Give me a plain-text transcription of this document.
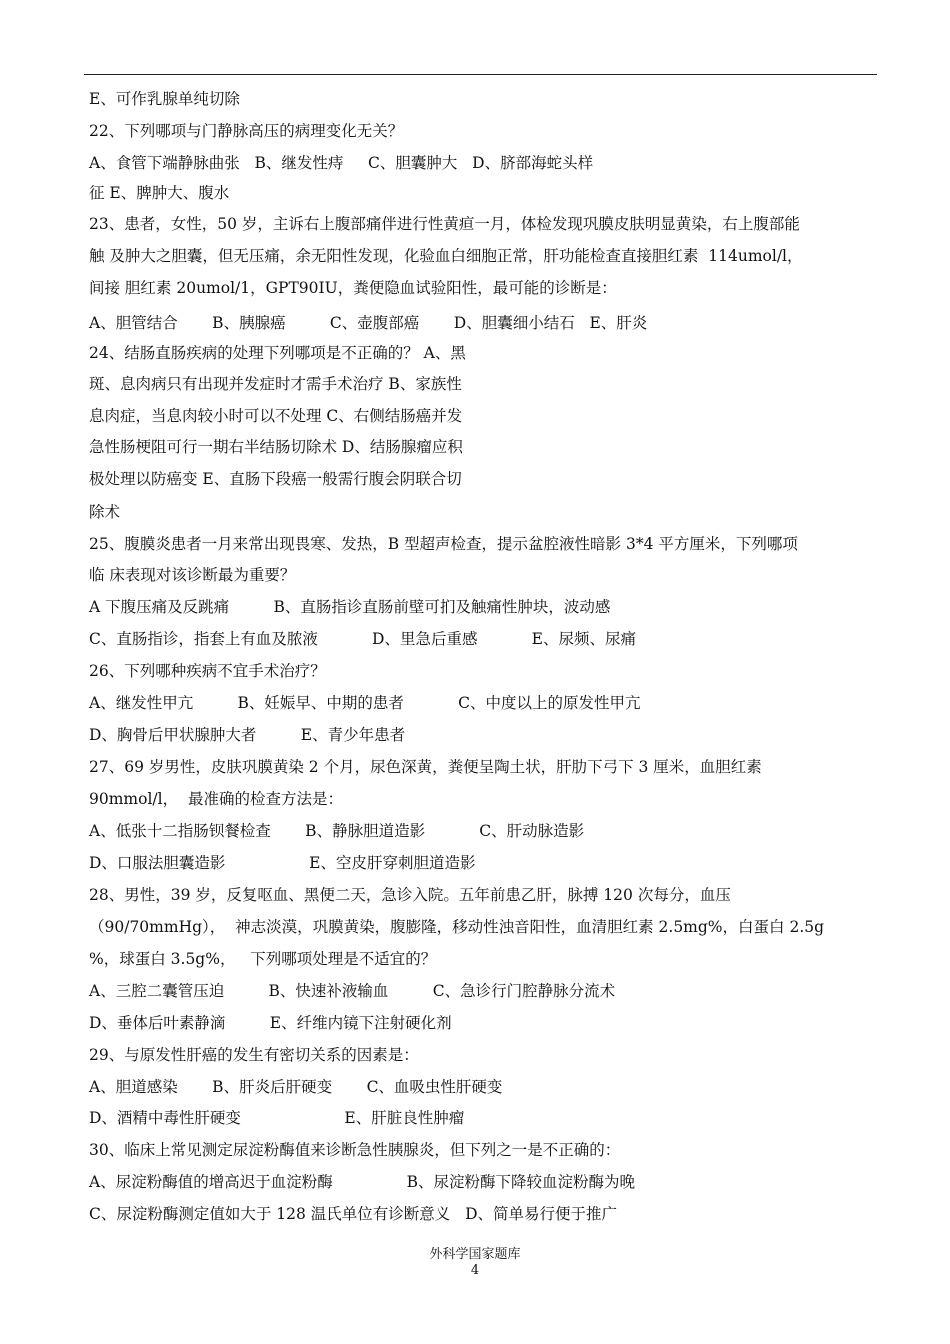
E、可作乳腺单纯切除
22、下列哪项与门静脉高压的病理变化无关？
A、食管下端静脉曲张   B、继发性痔     C、胆囊肿大   D、脐部海蛇头样
征 E、脾肿大、腹水
23、患者，女性，50 岁，主诉右上腹部痛伴进行性黄疸一月，体检发现巩膜皮肤明显黄染，右上腹部能
触 及肿大之胆囊，但无压痛，余无阳性发现，化验血白细胞正常，肝功能检查直接胆红素  114umol/l，
间接 胆红素 20umol/1，GPT90IU，粪便隐血试验阳性，最可能的诊断是：
A、胆管结合       B、胰腺癌         C、壶腹部癌       D、胆囊细小结石   E、肝炎
24、结肠直肠疾病的处理下列哪项是不正确的？ A、黑
斑、息肉病只有出现并发症时才需手术治疗 B、家族性
息肉症，当息肉较小时可以不处理 C、右侧结肠癌并发
急性肠梗阻可行一期右半结肠切除术 D、结肠腺瘤应积
极处理以防癌变 E、直肠下段癌一般需行腹会阴联合切
除术
25、腹膜炎患者一月来常出现畏寒、发热，B 型超声检查，提示盆腔液性暗影 3*4 平方厘米，下列哪项
临 床表现对该诊断最为重要？
A 下腹压痛及反跳痛         B、直肠指诊直肠前壁可扪及触痛性肿块，波动感
C、直肠指诊，指套上有血及脓液           D、里急后重感           E、尿频、尿痛
26、下列哪种疾病不宜手术治疗？
A、继发性甲亢         B、妊娠早、中期的患者           C、中度以上的原发性甲亢
D、胸骨后甲状腺肿大者         E、青少年患者
27、69 岁男性，皮肤巩膜黄染 2 个月，尿色深黄，粪便呈陶土状，肝肋下弓下 3 厘米，血胆红素
90mmol/l，  最准确的检查方法是：
A、低张十二指肠钡餐检查       B、静脉胆道造影           C、肝动脉造影
D、口服法胆囊造影                 E、空皮肝穿刺胆道造影
28、男性，39 岁，反复呕血、黑便二天，急诊入院。五年前患乙肝，脉搏 120 次每分，血压
（90/70mmHg），  神志淡漠，巩膜黄染，腹膨隆，移动性浊音阳性，血清胆红素 2.5mg%，白蛋白 2.5g
%，球蛋白 3.5g%，   下列哪项处理是不适宜的？
A、三腔二囊管压迫         B、快速补液输血         C、急诊行门腔静脉分流术
D、垂体后叶素静滴         E、纤维内镜下注射硬化剂
29、与原发性肝癌的发生有密切关系的因素是：
A、胆道感染       B、肝炎后肝硬变       C、血吸虫性肝硬变
D、酒精中毒性肝硬变                     E、肝脏良性肿瘤
30、临床上常见测定尿淀粉酶值来诊断急性胰腺炎，但下列之一是不正确的：
A、尿淀粉酶值的增高迟于血淀粉酶               B、尿淀粉酶下降较血淀粉酶为晚
C、尿淀粉酶测定值如大于 128 温氏单位有诊断意义   D、简单易行便于推广
外科学国家题库
4
